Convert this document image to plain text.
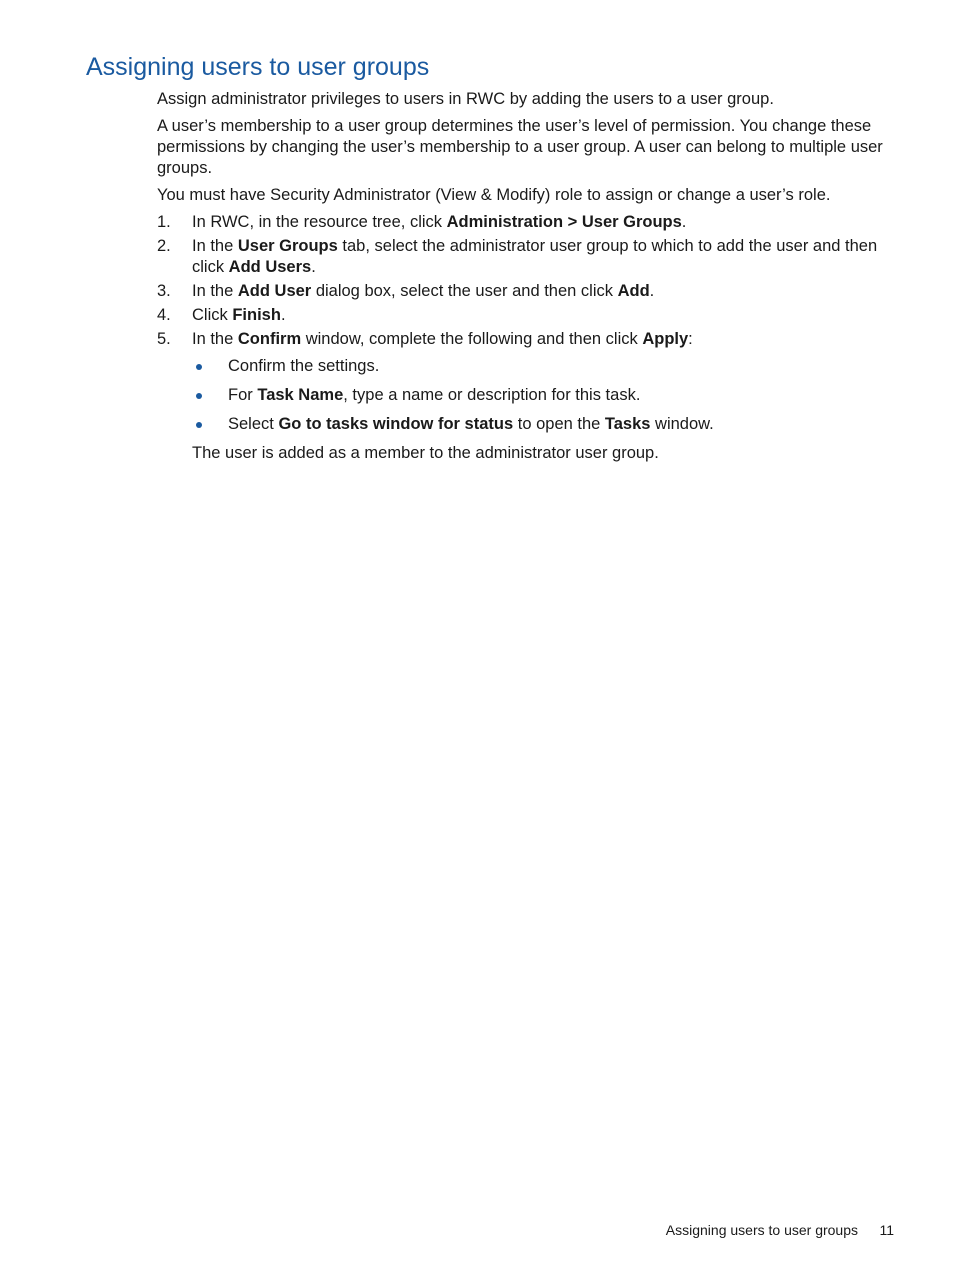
Assigning users to user groups

Assign administrator privileges to users in RWC by adding the users to a user group.

A user’s membership to a user group determines the user’s level of permission. You change these permissions by changing the user’s membership to a user group. A user can belong to multiple user groups.

You must have Security Administrator (View & Modify) role to assign or change a user’s role.

1. In RWC, in the resource tree, click Administration > User Groups.
2. In the User Groups tab, select the administrator user group to which to add the user and then click Add Users.
3. In the Add User dialog box, select the user and then click Add.
4. Click Finish.
5. In the Confirm window, complete the following and then click Apply:
Confirm the settings.
For Task Name, type a name or description for this task.
Select Go to tasks window for status to open the Tasks window.

The user is added as a member to the administrator user group.

Assigning users to user groups 11
